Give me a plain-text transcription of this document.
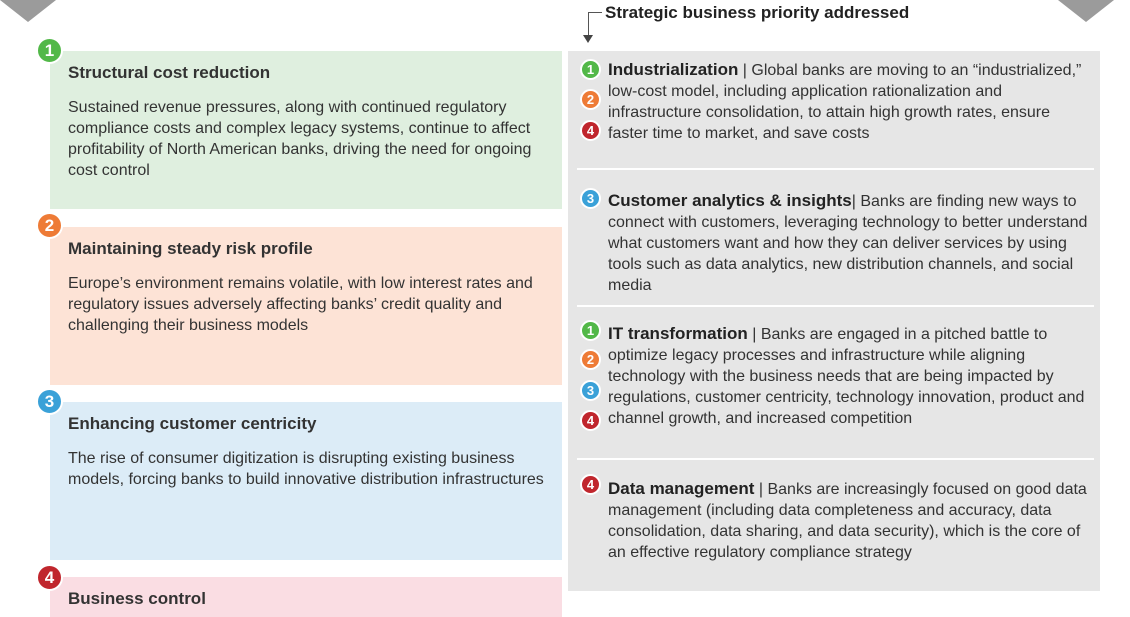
Strategic business priority addressed
Structural cost reduction

Sustained revenue pressures, along with continued regulatory compliance costs and complex legacy systems, continue to affect profitability of North American banks, driving the need for ongoing cost control

1
Maintaining steady risk profile

Europe’s environment remains volatile, with low interest rates and regulatory issues adversely affecting banks’ credit quality and challenging their business models

2
Enhancing customer centricity

The rise of consumer digitization is disrupting existing business models, forcing banks to build innovative distribution infrastructures

3
Business control
4
1
2
4

Industrialization | Global banks are moving to an “industrialized,” low-cost model, including application rationalization and infrastructure consolidation, to attain high growth rates, ensure faster time to market, and save costs

3 Customer analytics & insights| Banks are finding new ways to connect with customers, leveraging technology to better understand what customers want and how they can deliver services by using tools such as data analytics, new distribution channels, and social media

1
2
3
4

IT transformation | Banks are engaged in a pitched battle to optimize legacy processes and infrastructure while aligning technology with the business needs that are being impacted by regulations, customer centricity, technology innovation, product and channel growth, and increased competition

4 Data management | Banks are increasingly focused on good data management (including data completeness and accuracy, data consolidation, data sharing, and data security), which is the core of an effective regulatory compliance strategy
